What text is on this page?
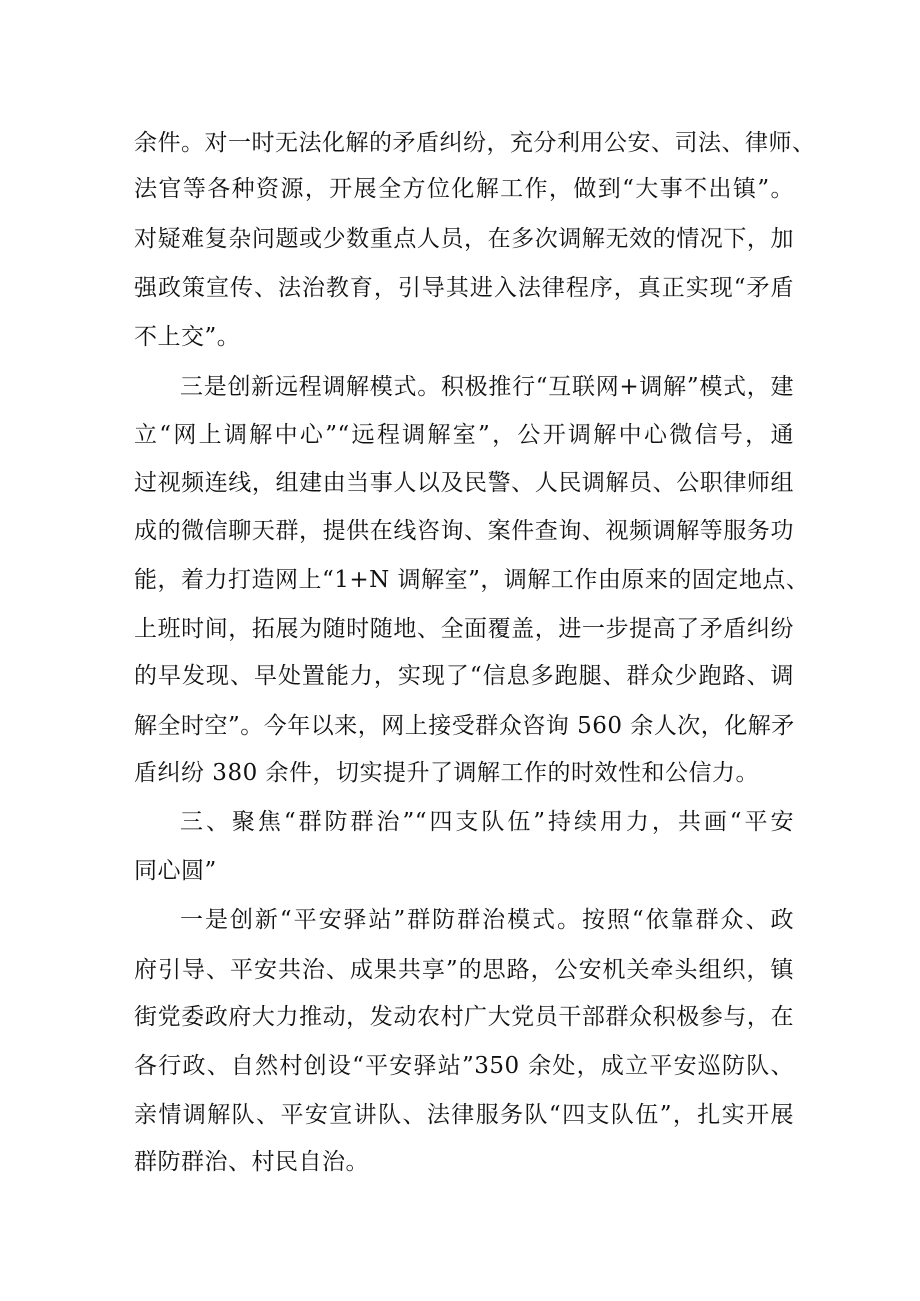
余件。对一时无法化解的矛盾纠纷，充分利用公安、司法、律师、
法官等各种资源，开展全方位化解工作，做到“大事不出镇”。
对疑难复杂问题或少数重点人员，在多次调解无效的情况下，加
强政策宣传、法治教育，引导其进入法律程序，真正实现“矛盾
不上交”。
三是创新远程调解模式。积极推行“互联网+调解”模式，建
立“网上调解中心”“远程调解室”，公开调解中心微信号，通
过视频连线，组建由当事人以及民警、人民调解员、公职律师组
成的微信聊天群，提供在线咨询、案件查询、视频调解等服务功
能，着力打造网上“1+N 调解室”，调解工作由原来的固定地点、
上班时间，拓展为随时随地、全面覆盖，进一步提高了矛盾纠纷
的早发现、早处置能力，实现了“信息多跑腿、群众少跑路、调
解全时空”。今年以来，网上接受群众咨询 560 余人次，化解矛
盾纠纷 380 余件，切实提升了调解工作的时效性和公信力。
三、聚焦“群防群治”“四支队伍”持续用力，共画“平安
同心圆”
一是创新“平安驿站”群防群治模式。按照“依靠群众、政
府引导、平安共治、成果共享”的思路，公安机关牵头组织，镇
街党委政府大力推动，发动农村广大党员干部群众积极参与，在
各行政、自然村创设“平安驿站”350 余处，成立平安巡防队、
亲情调解队、平安宣讲队、法律服务队“四支队伍”，扎实开展
群防群治、村民自治。
